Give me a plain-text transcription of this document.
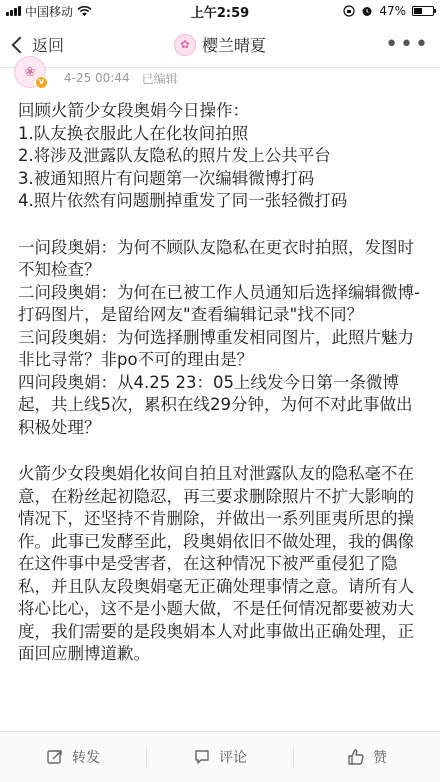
中国移动	上午2:59	47%
返回	✿ 樱兰晴夏	•••
❀
V	4-25 00:44 已编辑

回顾火箭少女段奥娟今日操作：

1.队友换衣服此人在化妆间拍照

2.将涉及泄露队友隐私的照片发上公共平台

3.被通知照片有问题第一次编辑微博打码

4.照片依然有问题删掉重发了同一张轻微打码

一问段奥娟：为何不顾队友隐私在更衣时拍照，发图时不知检查？

二问段奥娟：为何在已被工作人员通知后选择编辑微博-打码图片，是留给网友"查看编辑记录"找不同？

三问段奥娟：为何选择删博重发相同图片，此照片魅力非比寻常？非po不可的理由是？

四问段奥娟：从4.25 23：05上线发今日第一条微博起，共上线5次，累积在线29分钟，为何不对此事做出积极处理？

火箭少女段奥娟化妆间自拍且对泄露队友的隐私毫不在意，在粉丝起初隐忍，再三要求删除照片不扩大影响的情况下，还坚持不肯删除，并做出一系列匪夷所思的操作。此事已发酵至此，段奥娟依旧不做处理，我的偶像在这件事中是受害者，在这种情况下被严重侵犯了隐私，并且队友段奥娟毫无正确处理事情之意。请所有人将心比心，这不是小题大做，不是任何情况都要被劝大度，我们需要的是段奥娟本人对此事做出正确处理，正面回应删博道歉。

转发	评论	赞
